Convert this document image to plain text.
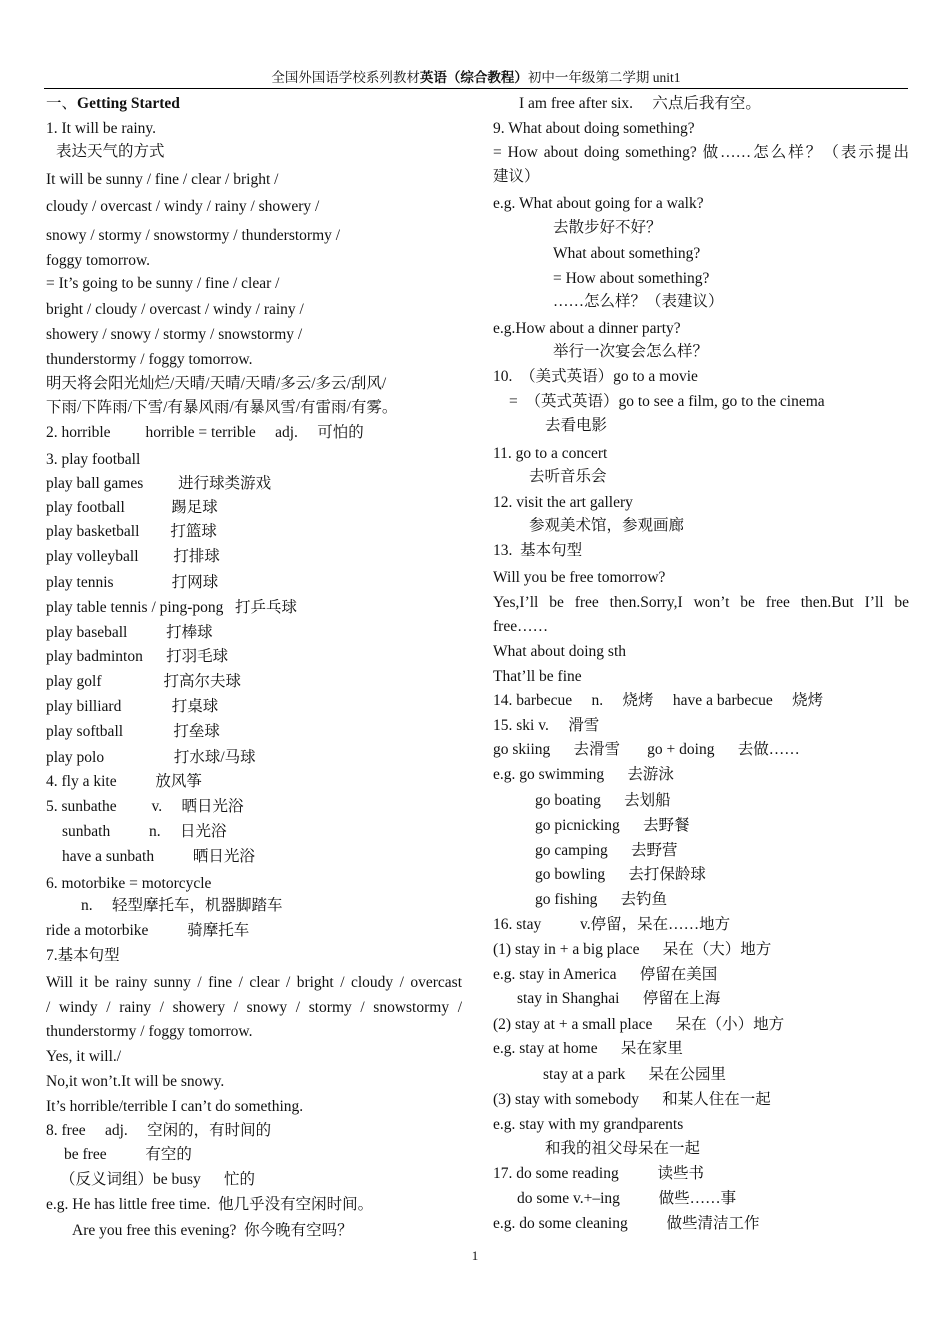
全国外国语学校系列教材英语（综合教程）初中一年级第二学期 unit1
一、Getting Started
1. It will be rainy.
表达天气的方式
It will be sunny / fine / clear / bright /
cloudy / overcast / windy / rainy / showery /
snowy / stormy / snowstormy / thunderstormy /
foggy tomorrow.
= It’s going to be sunny / fine / clear /
bright / cloudy / overcast / windy / rainy /
showery / snowy / stormy / snowstormy /
thunderstormy / foggy tomorrow.
明天将会阳光灿烂/天晴/天晴/天晴/多云/多云/刮风/
下雨/下阵雨/下雪/有暴风雨/有暴风雪/有雷雨/有雾。
2. horrible         horrible = terrible     adj.     可怕的
3. play football
play ball games         进行球类游戏
play football            踢足球
play basketball        打篮球
play volleyball         打排球
play tennis               打网球
play table tennis / ping-pong   打乒乓球
play baseball          打棒球
play badminton      打羽毛球
play golf                打高尔夫球
play billiard             打桌球
play softball             打垒球
play polo                  打水球/马球
4. fly a kite          放风筝
5. sunbathe         v.     晒日光浴
sunbath          n.     日光浴
have a sunbath          晒日光浴
6. motorbike = motorcycle
n.     轻型摩托车，机器脚踏车
ride a motorbike          骑摩托车
7.基本句型
Will it be rainy sunny / fine / clear / bright / cloudy / overcast
/ windy / rainy / showery / snowy / stormy / snowstormy /
thunderstormy / foggy tomorrow.
Yes, it will./
No,it won’t.It will be snowy.
It’s horrible/terrible I can’t do something.
8. free     adj.     空闲的，有时间的
be free          有空的
（反义词组）be busy      忙的
e.g. He has little free time.  他几乎没有空闲时间。
Are you free this evening?  你今晚有空吗？
I am free after six.     六点后我有空。
9. What about doing something?
= How about doing something? 做……怎么样？（表示提出
建议）
e.g. What about going for a walk?
去散步好不好？
What about something?
= How about something?
……怎么样？（表建议）
e.g.How about a dinner party?
举行一次宴会怎么样？
10.  （美式英语）go to a movie
=  （英式英语）go to see a film, go to the cinema
去看电影
11. go to a concert
去听音乐会
12. visit the art gallery
参观美术馆，参观画廊
13.  基本句型
Will you be free tomorrow?
Yes,I’ll be free then.Sorry,I won’t be free then.But I’ll be
free……
What about doing sth
That’ll be fine
14. barbecue     n.     烧烤     have a barbecue     烧烤
15. ski v.     滑雪
go skiing      去滑雪       go + doing      去做……
e.g. go swimming      去游泳
go boating      去划船
go picnicking      去野餐
go camping      去野营
go bowling      去打保龄球
go fishing      去钓鱼
16. stay          v.停留，呆在……地方
(1) stay in + a big place      呆在（大）地方
e.g. stay in America      停留在美国
stay in Shanghai      停留在上海
(2) stay at + a small place      呆在（小）地方
e.g. stay at home      呆在家里
stay at a park      呆在公园里
(3) stay with somebody      和某人住在一起
e.g. stay with my grandparents
和我的祖父母呆在一起
17. do some reading          读些书
do some v.+–ing          做些……事
e.g. do some cleaning          做些清洁工作
1
